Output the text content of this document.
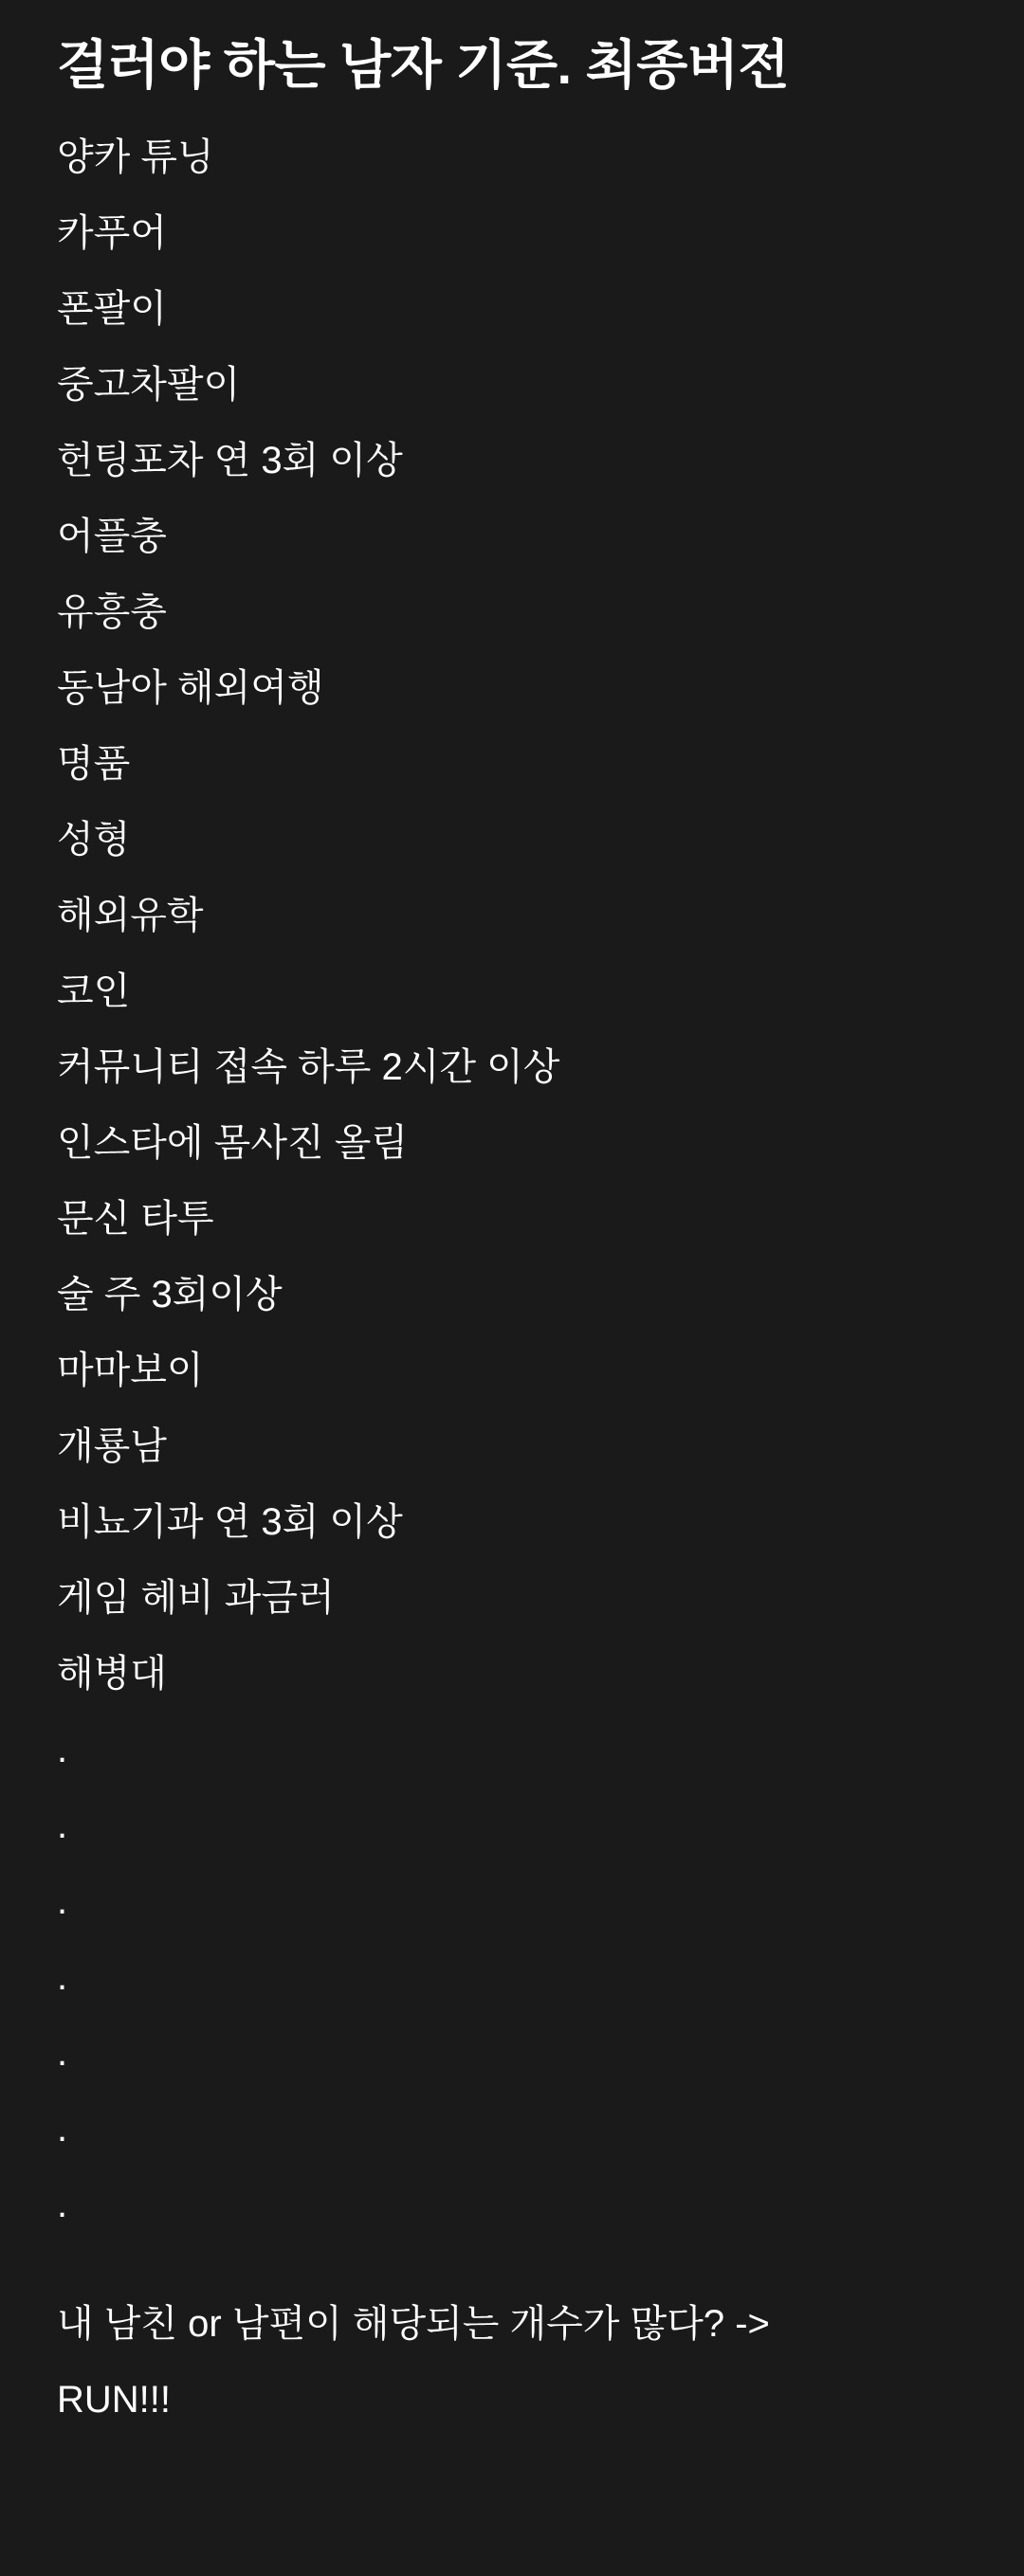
걸러야 하는 남자 기준. 최종버전
양카 튜닝
카푸어
폰팔이
중고차팔이
헌팅포차 연 3회 이상
어플충
유흥충
동남아 해외여행
명품
성형
해외유학
코인
커뮤니티 접속 하루 2시간 이상
인스타에 몸사진 올림
문신 타투
술 주 3회이상
마마보이
개룡남
비뇨기과 연 3회 이상
게임 헤비 과금러
해병대
.
.
.
.
.
.
.
내 남친 or 남편이 해당되는 개수가 많다? ->
RUN!!!
